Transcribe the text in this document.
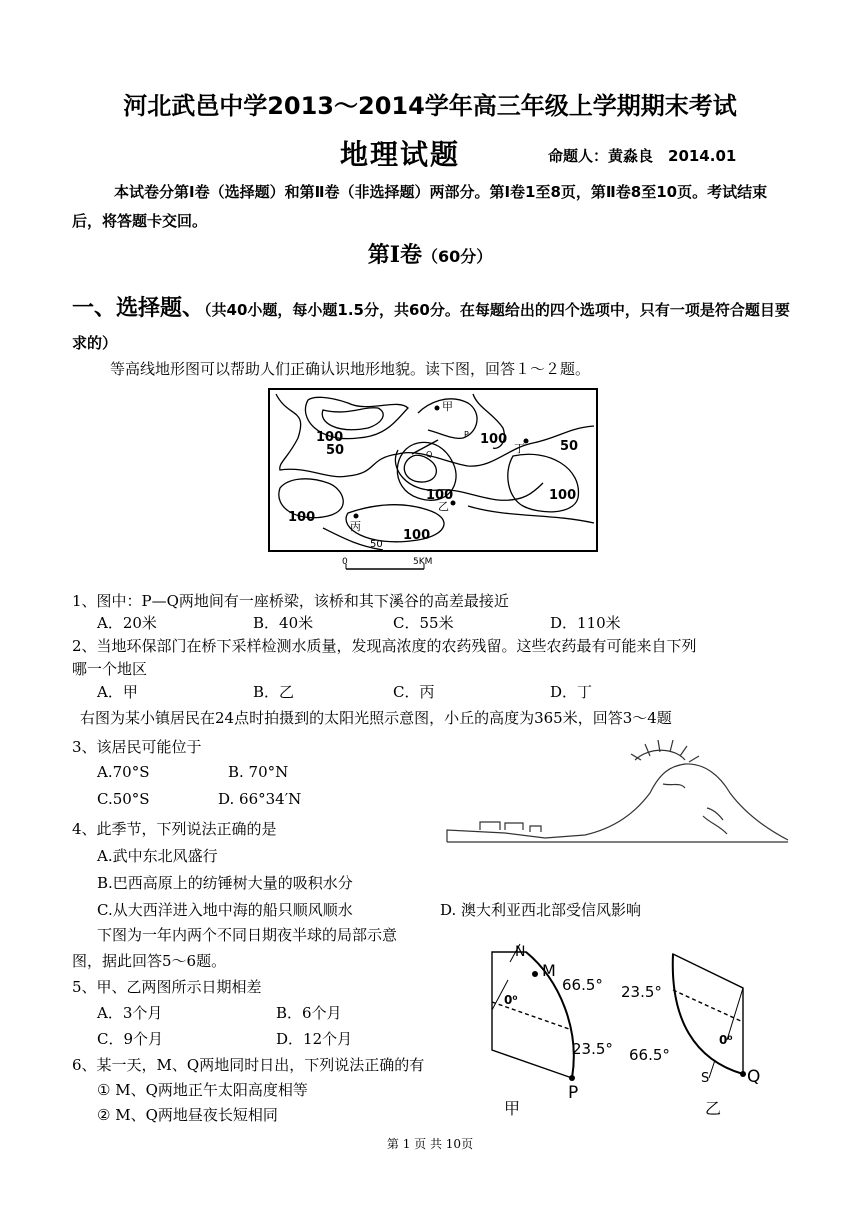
河北武邑中学2013～2014学年高三年级上学期期末考试
地理试题	命题人：黄淼良　2014.01
本试卷分第Ⅰ卷（选择题）和第Ⅱ卷（非选择题）两部分。第Ⅰ卷1至8页，第Ⅱ卷8至10页。考试结束后，将答题卡交回。
第Ⅰ卷（60分）
一、选择题、（共40小题，每小题1.5分，共60分。在每题给出的四个选项中，只有一项是符合题目要求的）
等高线地形图可以帮助人们正确认识地形地貌。读下图，回答１～２题。
甲
丁
乙
丙
P
Q
100
50
100	50
100	100
100
100
50
0	5KM
1、图中：P—Q两地间有一座桥梁，该桥和其下溪谷的高差最接近
A．20米	B．40米	C．55米	D．110米
2、当地环保部门在桥下采样检测水质量，发现高浓度的农药残留。这些农药最有可能来自下列
哪一个地区
A．甲	B．乙	C．丙	D．丁
右图为某小镇居民在24点时拍摄到的太阳光照示意图，小丘的高度为365米，回答3～4题
3、该居民可能位于
A.70°S	B. 70°N
C.50°S	D. 66°34′N
4、此季节，下列说法正确的是
A.武中东北风盛行
B.巴西高原上的纺锤树大量的吸积水分
C.从大西洋进入地中海的船只顺风顺水	D. 澳大利亚西北部受信风影响
下图为一年内两个不同日期夜半球的局部示意
图，据此回答5～6题。
5、甲、乙两图所示日期相差
A．3个月	B．6个月
C．9个月	D．12个月
6、某一天，M、Q两地同时日出，下列说法正确的有
① M、Q两地正午太阳高度相等
② M、Q两地昼夜长短相同
N
M
66.5°
0⁰
23.5°
P
甲
23.5°
0⁰
66.5°
S Q
乙
第 1 页 共 10页
